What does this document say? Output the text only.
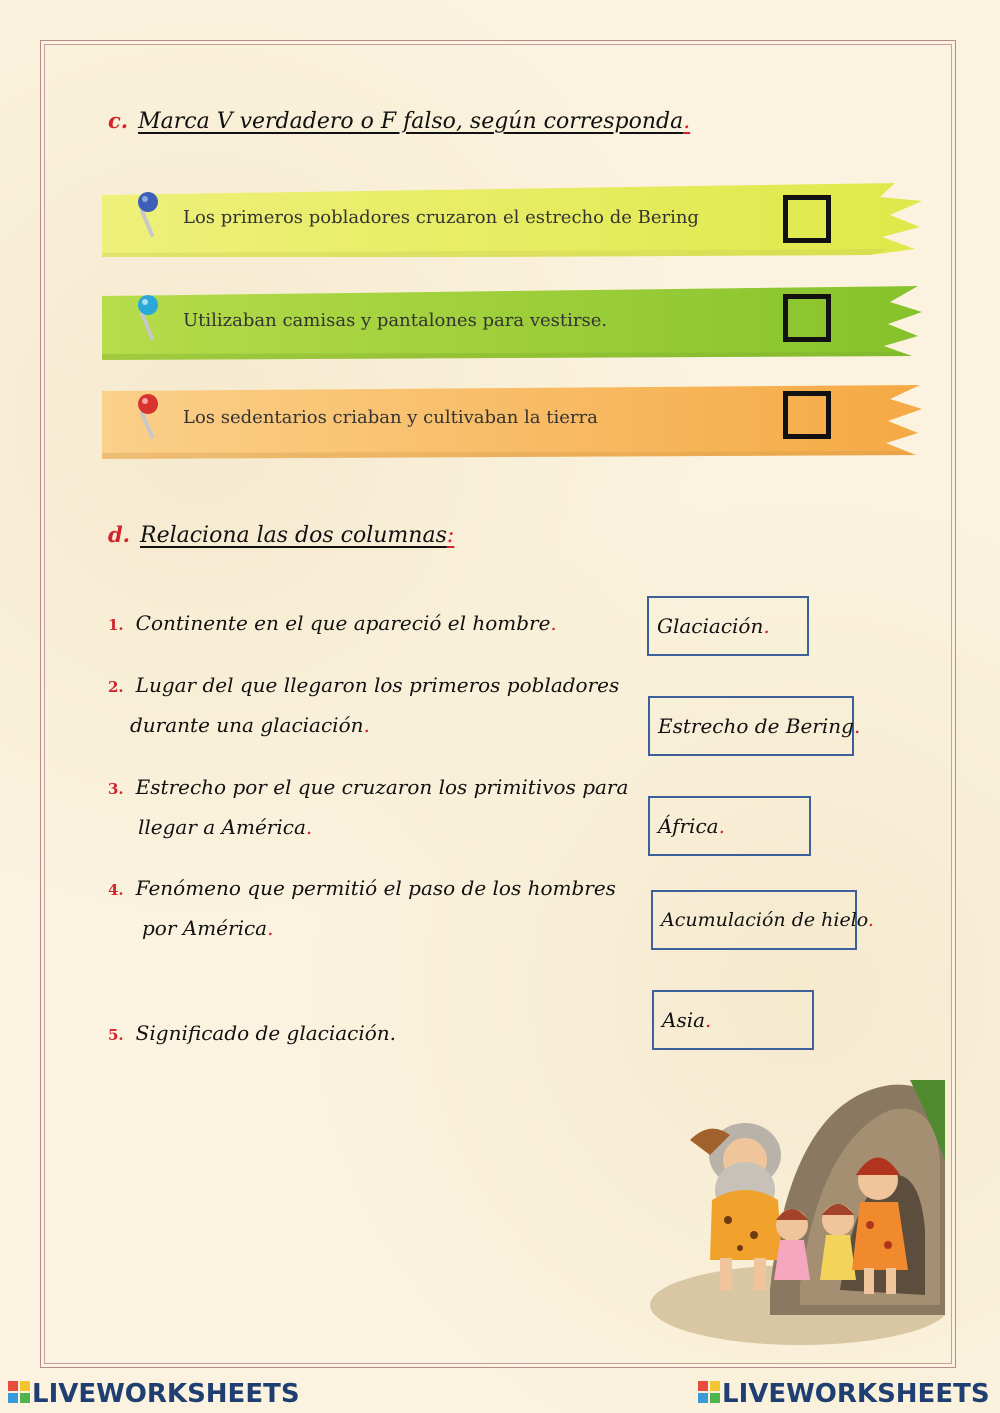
c. Marca V verdadero o F falso, según corresponda.
Los primeros pobladores cruzaron el estrecho de Bering
Utilizaban camisas y pantalones para vestirse.
Los sedentarios criaban y cultivaban la tierra
d. Relaciona las dos columnas:
1. Continente en el que apareció el hombre.
2. Lugar del que llegaron los primeros pobladores
durante una glaciación.
3. Estrecho por el que cruzaron los primitivos para
llegar a América.
4. Fenómeno que permitió el paso de los hombres
por América.
5. Significado de glaciación.
Glaciación.
Estrecho de Bering.
África.
Acumulación de hielo.
Asia.
LIVEWORKSHEETS	LIVEWORKSHEETS
